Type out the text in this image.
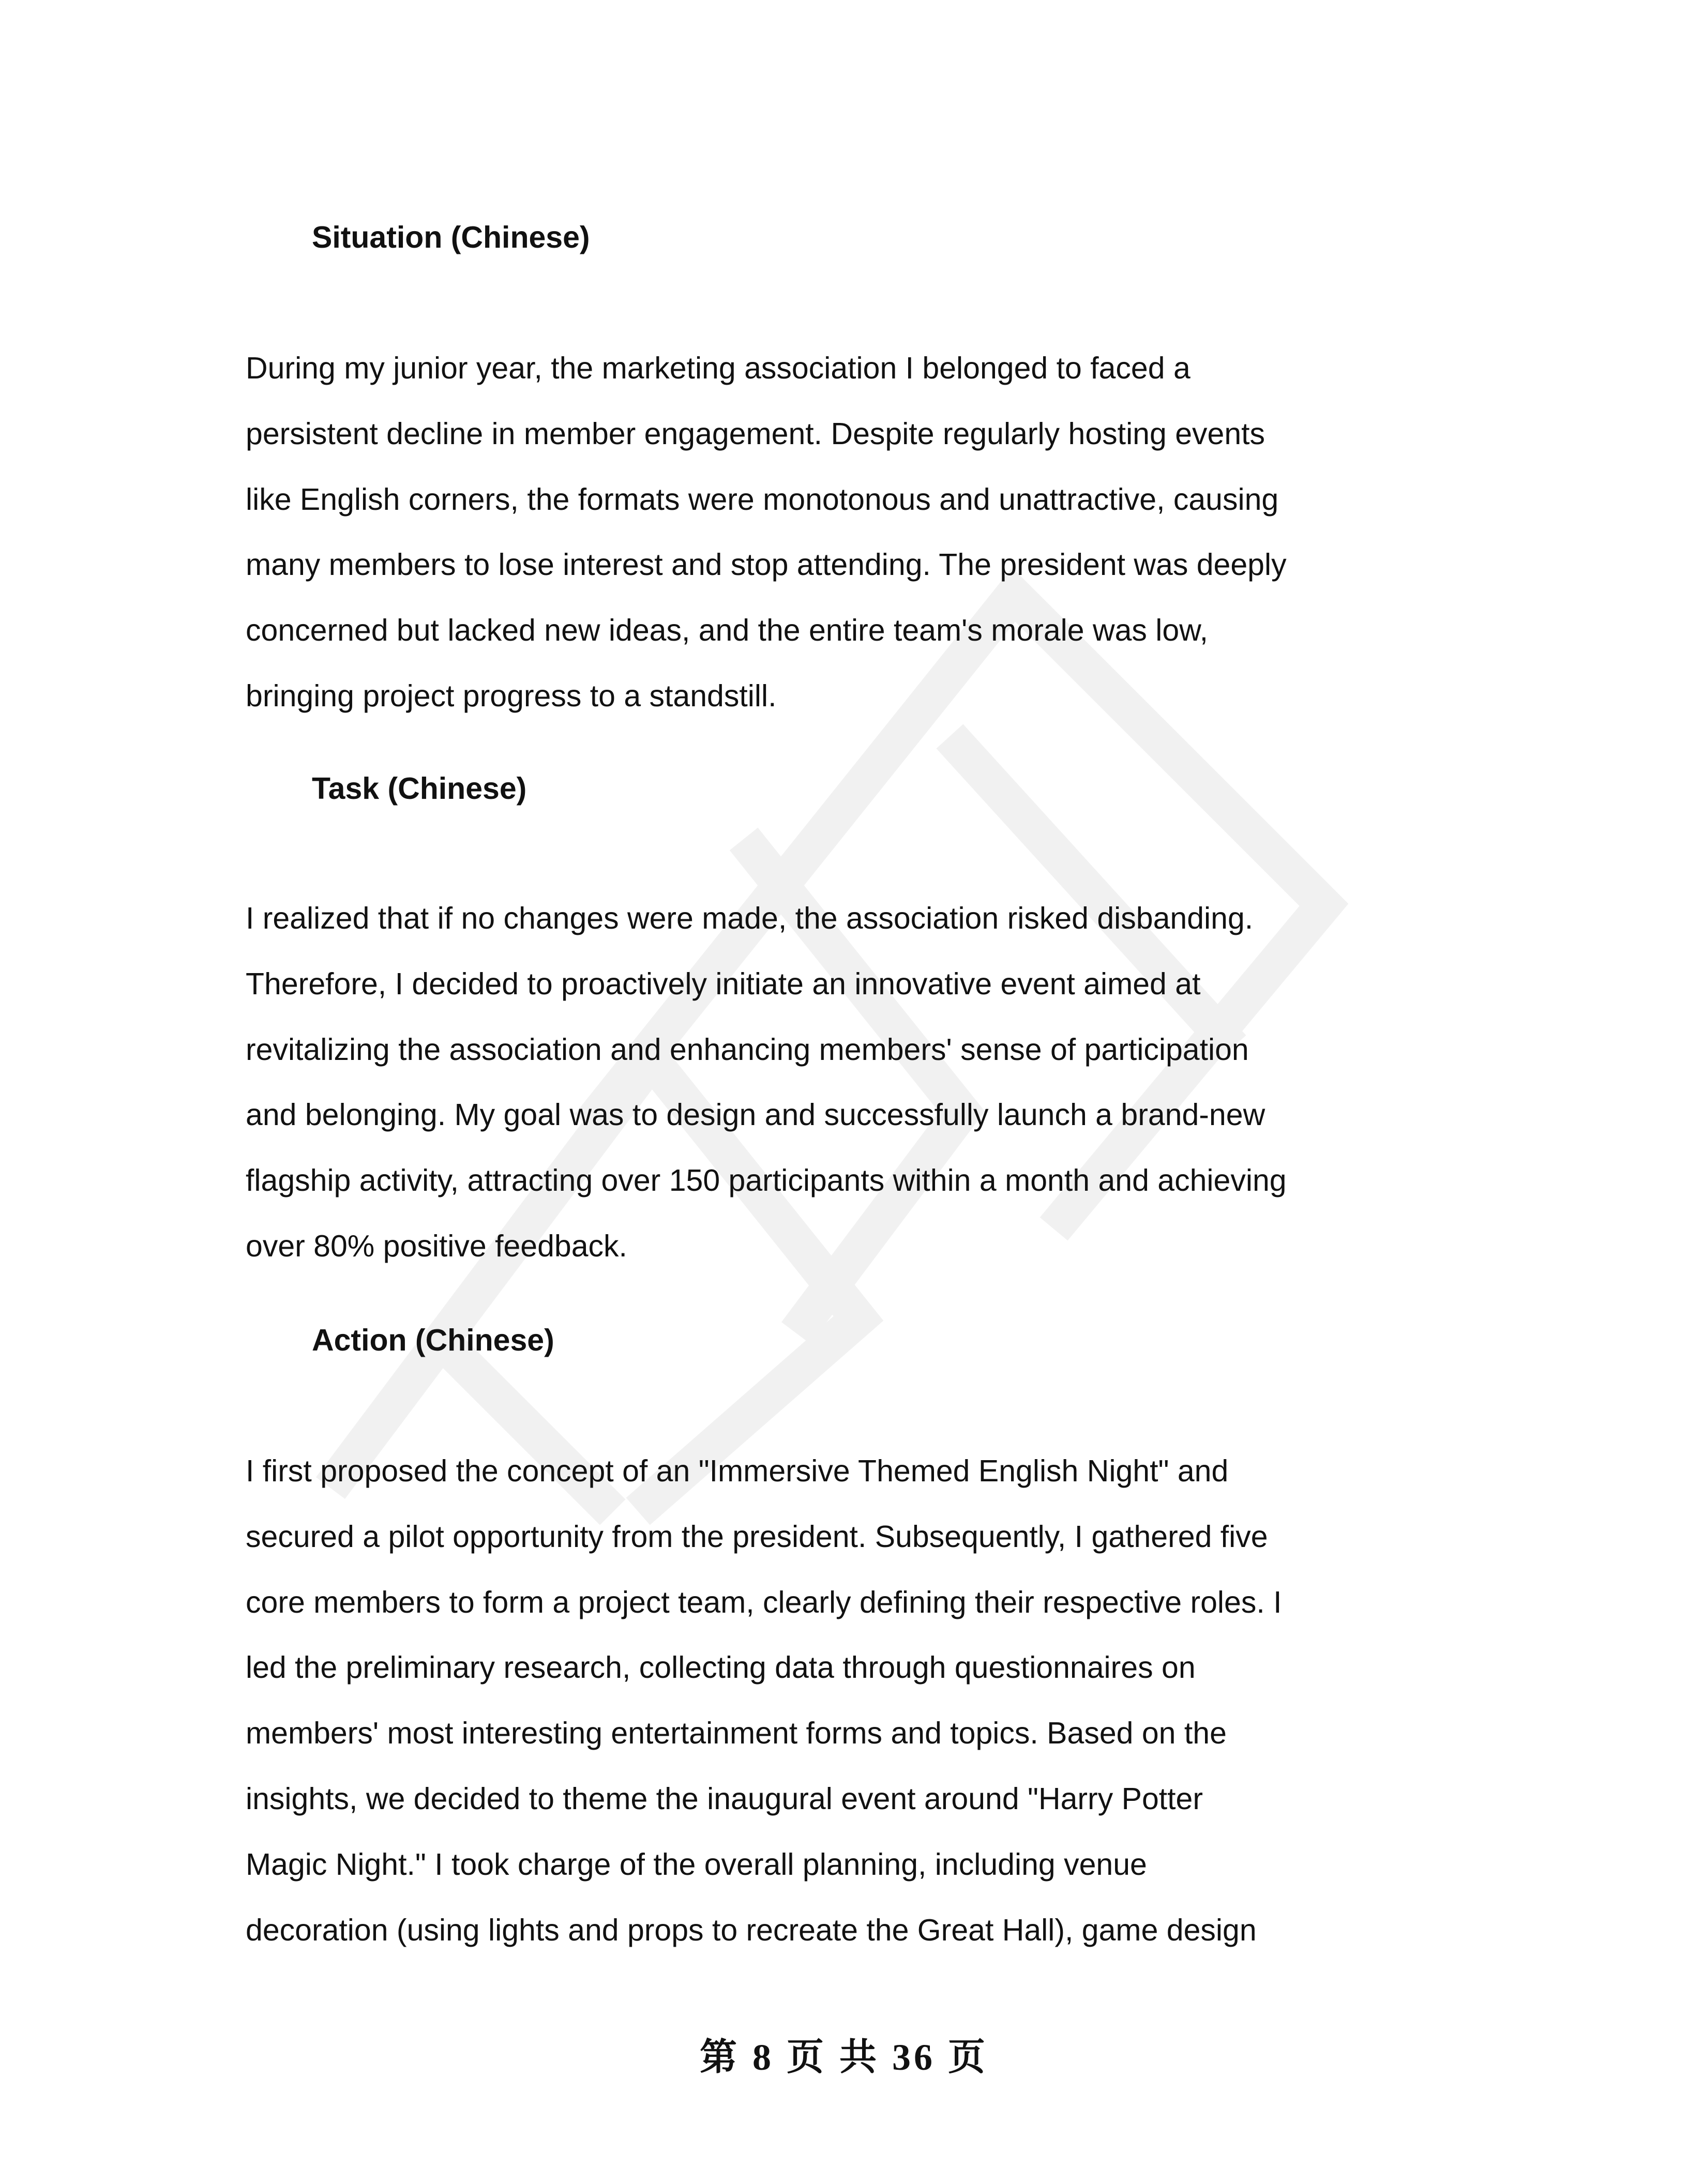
Situation (Chinese)
During my junior year, the marketing association I belonged to faced a
persistent decline in member engagement. Despite regularly hosting events
like English corners, the formats were monotonous and unattractive, causing
many members to lose interest and stop attending. The president was deeply
concerned but lacked new ideas, and the entire team's morale was low,
bringing project progress to a standstill.
Task (Chinese)
I realized that if no changes were made, the association risked disbanding.
Therefore, I decided to proactively initiate an innovative event aimed at
revitalizing the association and enhancing members' sense of participation
and belonging. My goal was to design and successfully launch a brand-new
flagship activity, attracting over 150 participants within a month and achieving
over 80% positive feedback.
Action (Chinese)
I first proposed the concept of an "Immersive Themed English Night" and
secured a pilot opportunity from the president. Subsequently, I gathered five
core members to form a project team, clearly defining their respective roles. I
led the preliminary research, collecting data through questionnaires on
members' most interesting entertainment forms and topics. Based on the
insights, we decided to theme the inaugural event around "Harry Potter
Magic Night." I took charge of the overall planning, including venue
decoration (using lights and props to recreate the Great Hall), game design
第 8 页 共 36 页
